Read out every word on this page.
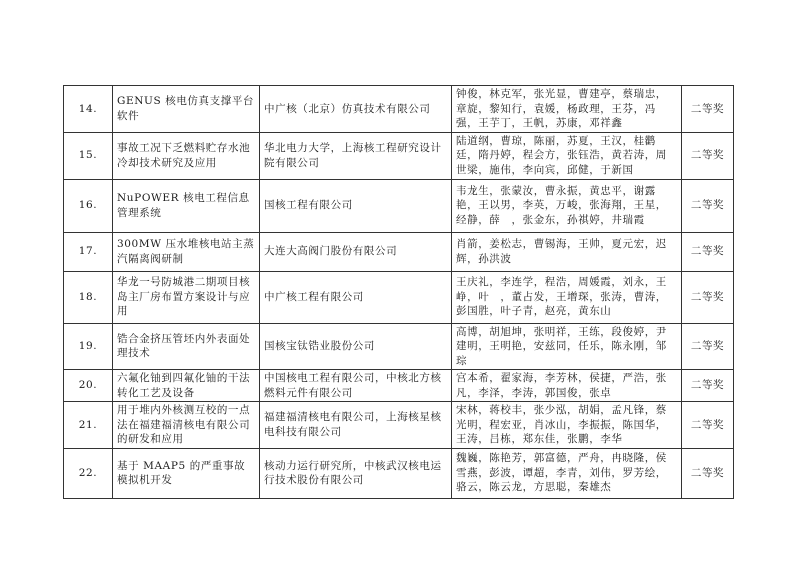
14.	GENUS 核电仿真支撑平台软件	中广核（北京）仿真技术有限公司	钟俊，林克军，张光显，曹建亭，蔡瑞忠，章旋，黎知行，袁媛，杨政理，王芬，冯强，王芋丁，王帆，苏康，邓祥鑫	二等奖
15.	事故工况下乏燃料贮存水池冷却技术研究及应用	华北电力大学，上海核工程研究设计院有限公司	陆道纲，曹琼，陈丽，苏夏，王汉，桂鹳廷，隋丹婷，程会方，张钰浩，黄若涛，周世梁，施伟，李向宾，邱健，于新国	二等奖
16.	NuPOWER 核电工程信息管理系统	国核工程有限公司	韦龙生，张蒙汝，曹永振，黄忠平，谢露艳，王以男，李英，万峻，张海翔，王星，经静，薛　，张金东，孙祺婷，井瑞霞	二等奖
17.	300MW 压水堆核电站主蒸汽隔离阀研制	大连大高阀门股份有限公司	肖箭，姜松志，曹锡海，王帅，夏元宏，迟辉，孙洪波	二等奖
18.	华龙一号防城港二期项目核岛主厂房布置方案设计与应用	中广核工程有限公司	王庆礼，李连学，程浩，周媛霞，刘永，王峥，叶　，董占发，王增琛，张涛，曹涛，彭国胜，叶子青，赵亮，黄东山	二等奖
19.	锆合金挤压管坯内外表面处理技术	国核宝钛锆业股份公司	高博，胡旭坤，张明祥，王练，段俊婷，尹建明，王明艳，安兹同，任乐，陈永刚，邹琮	二等奖
20.	六氟化铀到四氟化铀的干法转化工艺及设备	中国核电工程有限公司，中核北方核燃料元件有限公司	宫本希，翟家海，李芳林，侯捷，严浩，张凡，李泽，李涛，郭国俊，张卓	二等奖
21.	用于堆内外核测互校的一点法在福建福清核电有限公司的研发和应用	福建福清核电有限公司，上海核星核电科技有限公司	宋林，蒋校丰，张少泓，胡娟，孟凡锋，蔡光明，程宏亚，肖冰山，李振振，陈国华，王涛，吕栋，郑东佳，张鹏，李华	二等奖
22.	基于 MAAP5 的严重事故模拟机开发	核动力运行研究所，中核武汉核电运行技术股份有限公司	魏巍，陈艳芳，郭富德，严舟，冉晓隆，侯雪燕，彭波，谭超，李青，刘伟，罗芳绘，骆云，陈云龙，方思聪，秦雄杰	二等奖
